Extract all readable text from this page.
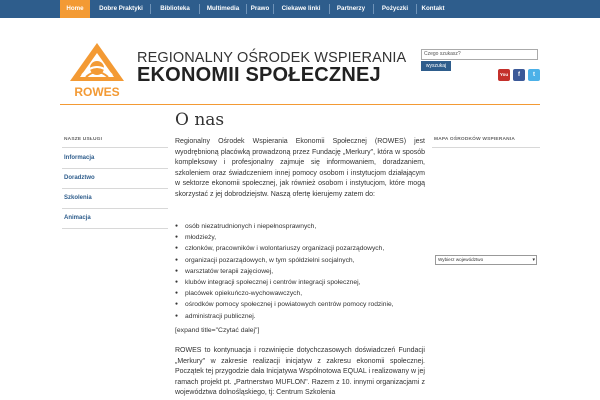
Home	Dobre Praktyki	Biblioteka	Multimedia	Prawo	Ciekawe linki	Partnerzy	Pożyczki	Kontakt
ROWES
REGIONALNY OŚRODEK WSPIERANIA
EKONOMII SPOŁECZNEJ
Czego szukasz?
wyszukaj
You Tube
f	t
NASZE USŁUGI
Informacja
Doradztwo
Szkolenia
Animacja
O nas

Regionalny Ośrodek Wspierania Ekonomii Społecznej (ROWES) jest wyodrębnioną placówką prowadzoną przez Fundację „Merkury", która w sposób kompleksowy i profesjonalny zajmuje się informowaniem, doradzaniem, szkoleniem oraz świadczeniem innej pomocy osobom i instytucjom działającym w sektorze ekonomii społecznej, jak również osobom i instytucjom, które mogą skorzystać z jej dobrodziejstw. Naszą ofertę kierujemy zatem do:

● osób niezatrudnionych i niepełnosprawnych,
● młodzieży,
● członków, pracowników i wolontariuszy organizacji pozarządowych,
● organizacji pozarządowych, w tym spółdzielni socjalnych,
● warsztatów terapii zajęciowej,
● klubów integracji społecznej i centrów integracji społecznej,
● placówek opiekuńczo-wychowawczych,
● ośrodków pomocy społecznej i powiatowych centrów pomocy rodzinie,
● administracji publicznej.
[expand title="Czytać dalej"]

ROWES to kontynuacja i rozwinięcie dotychczasowych doświadczeń Fundacji „Merkury" w zakresie realizacji inicjatyw z zakresu ekonomii społecznej. Początek tej przygodzie dała Inicjatywa Wspólnotowa EQUAL i realizowany w jej ramach projekt pt. „Partnerstwo MUFLON". Razem z 10. innymi organizacjami z województwa dolnośląskiego, tj: Centrum Szkolenia

MAPA OŚRODKÓW WSPIERANIA
Wybierz województwo	▾
